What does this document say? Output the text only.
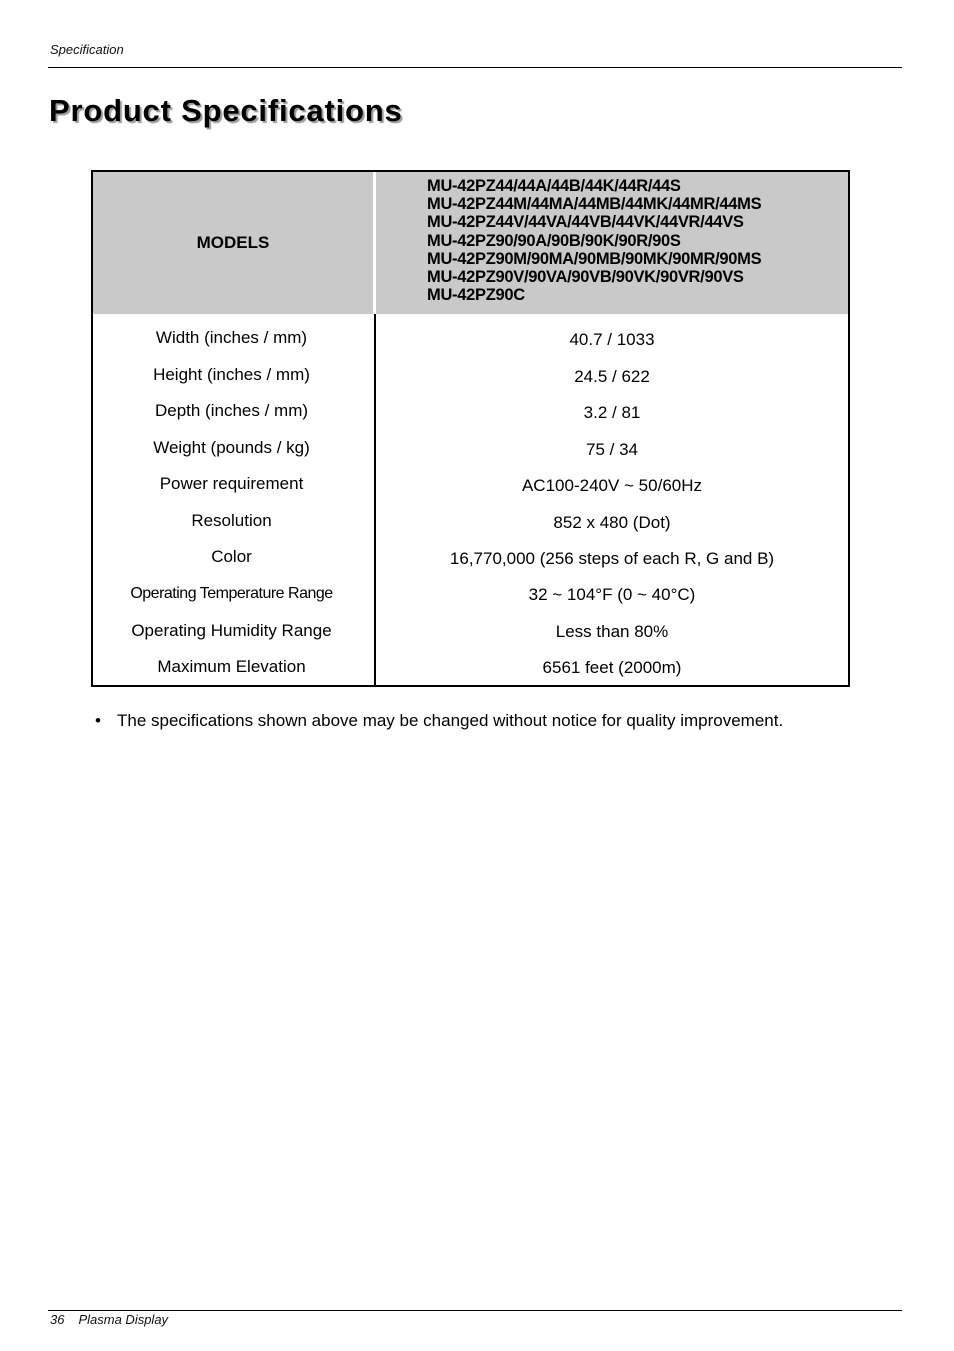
Specification
Product Specifications
MODELS
MU-42PZ44/44A/44B/44K/44R/44S
MU-42PZ44M/44MA/44MB/44MK/44MR/44MS
MU-42PZ44V/44VA/44VB/44VK/44VR/44VS
MU-42PZ90/90A/90B/90K/90R/90S
MU-42PZ90M/90MA/90MB/90MK/90MR/90MS
MU-42PZ90V/90VA/90VB/90VK/90VR/90VS
MU-42PZ90C
Width (inches / mm)	40.7 / 1033
Height (inches / mm)	24.5 / 622
Depth (inches / mm)	3.2 / 81
Weight (pounds / kg)	75 / 34
Power requirement	AC100-240V ~ 50/60Hz
Resolution	852 x 480 (Dot)
Color	16,770,000 (256 steps of each R, G and B)
Operating Temperature Range	32 ~ 104°F (0 ~ 40°C)
Operating Humidity Range	Less than 80%
Maximum Elevation	6561 feet (2000m)
• The specifications shown above may be changed without notice for quality improvement.
36 Plasma Display
